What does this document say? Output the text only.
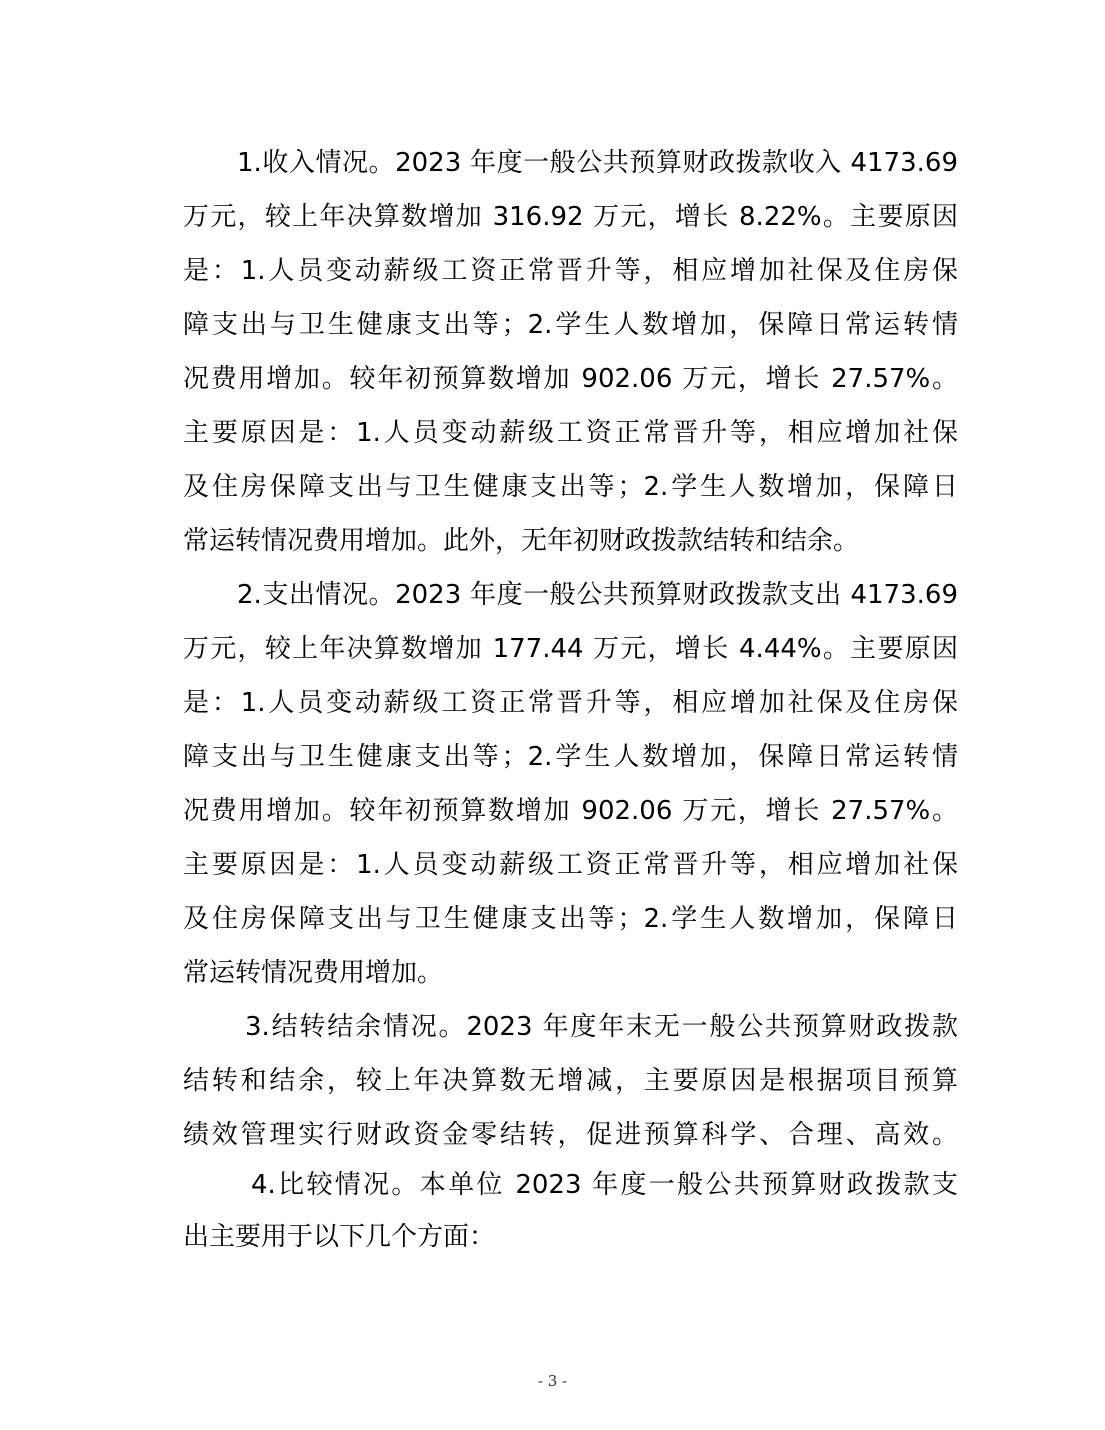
1.收入情况。2023 年度一般公共预算财政拨款收入 4173.69
万元，较上年决算数增加 316.92 万元，增长 8.22%。主要原因
是：1.人员变动薪级工资正常晋升等，相应增加社保及住房保
障支出与卫生健康支出等；2.学生人数增加，保障日常运转情
况费用增加。较年初预算数增加 902.06 万元，增长 27.57%。
主要原因是：1.人员变动薪级工资正常晋升等，相应增加社保
及住房保障支出与卫生健康支出等；2.学生人数增加，保障日
常运转情况费用增加。此外，无年初财政拨款结转和结余。
2.支出情况。2023 年度一般公共预算财政拨款支出 4173.69
万元，较上年决算数增加 177.44 万元，增长 4.44%。主要原因
是：1.人员变动薪级工资正常晋升等，相应增加社保及住房保
障支出与卫生健康支出等；2.学生人数增加，保障日常运转情
况费用增加。较年初预算数增加 902.06 万元，增长 27.57%。
主要原因是：1.人员变动薪级工资正常晋升等，相应增加社保
及住房保障支出与卫生健康支出等；2.学生人数增加，保障日
常运转情况费用增加。
3.结转结余情况。2023 年度年末无一般公共预算财政拨款
结转和结余，较上年决算数无增减，主要原因是根据项目预算
绩效管理实行财政资金零结转，促进预算科学、合理、高效。
4.比较情况。本单位 2023 年度一般公共预算财政拨款支
出主要用于以下几个方面：
- 3 -
